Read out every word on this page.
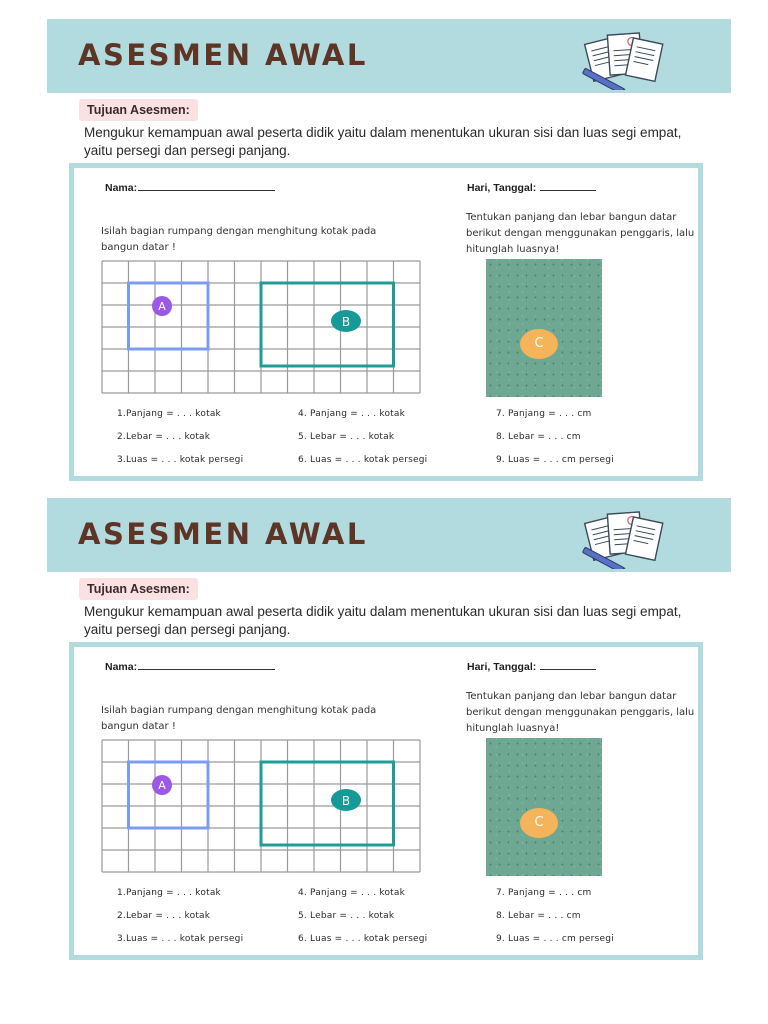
ASESMEN AWAL
Tujuan Asesmen:
Mengukur kemampuan awal peserta didik yaitu dalam menentukan ukuran sisi dan luas segi empat, yaitu persegi dan persegi panjang.
Nama:	Hari, Tanggal:
Isilah bagian rumpang dengan menghitung kotak pada bangun datar !
Tentukan panjang dan lebar bangun datar berikut dengan menggunakan penggaris, lalu hitunglah luasnya!
A
B
C
1.Panjang = . . . kotak
2.Lebar = . . . kotak
3.Luas = . . . kotak persegi
4. Panjang = . . . kotak
5. Lebar = . . . kotak
6. Luas = . . . kotak persegi
7. Panjang = . . . cm
8. Lebar = . . . cm
9. Luas = . . . cm persegi
ASESMEN AWAL
Tujuan Asesmen:
Mengukur kemampuan awal peserta didik yaitu dalam menentukan ukuran sisi dan luas segi empat, yaitu persegi dan persegi panjang.
Nama:	Hari, Tanggal:
Isilah bagian rumpang dengan menghitung kotak pada bangun datar !
Tentukan panjang dan lebar bangun datar berikut dengan menggunakan penggaris, lalu hitunglah luasnya!
A
B
C
1.Panjang = . . . kotak
2.Lebar = . . . kotak
3.Luas = . . . kotak persegi
4. Panjang = . . . kotak
5. Lebar = . . . kotak
6. Luas = . . . kotak persegi
7. Panjang = . . . cm
8. Lebar = . . . cm
9. Luas = . . . cm persegi
